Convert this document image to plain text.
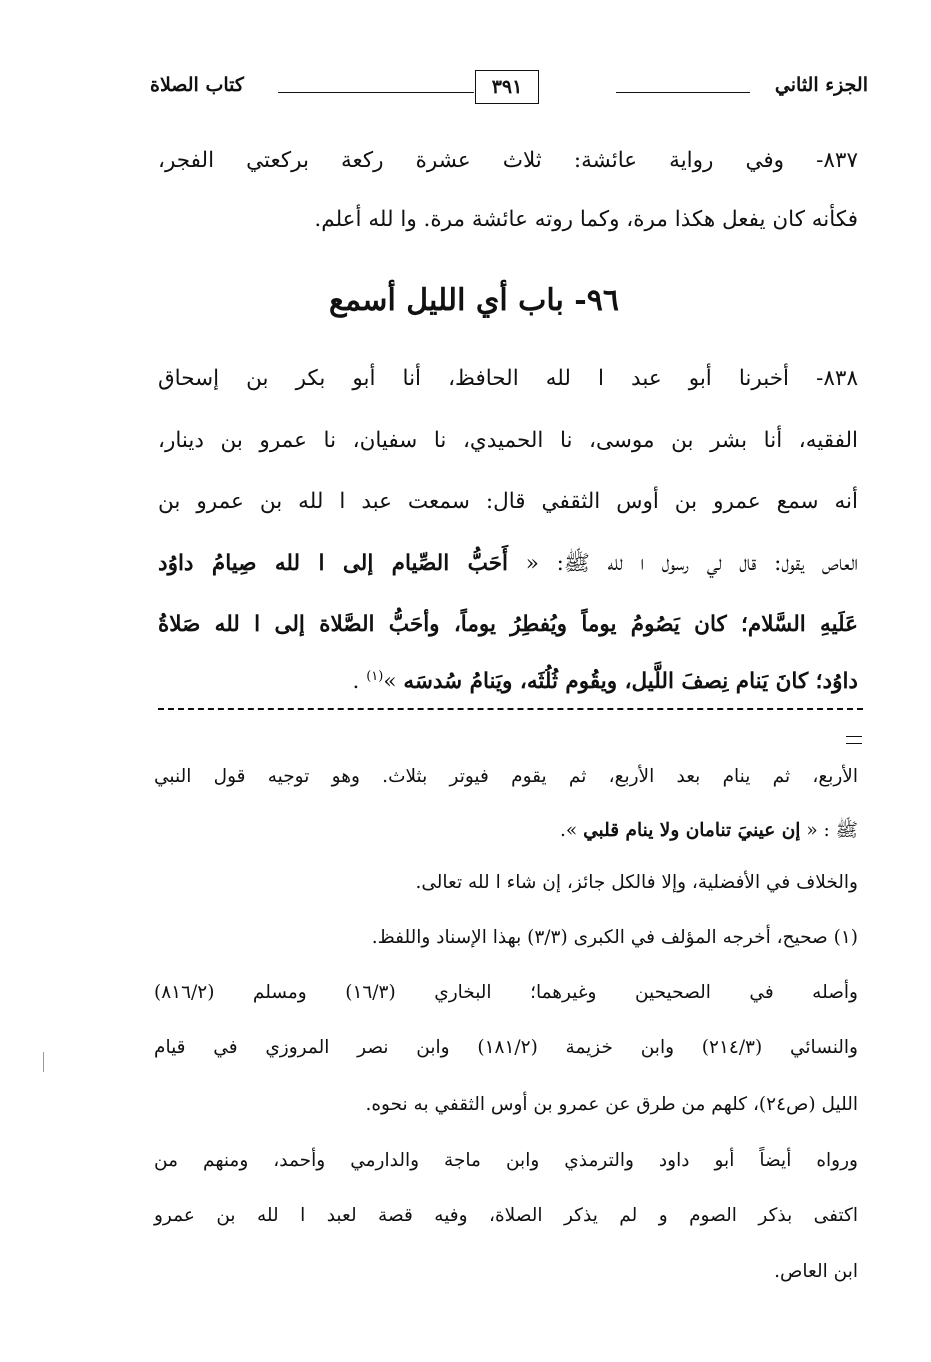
الجزء الثاني
٣٩١
كتاب الصلاة
٨٣٧- وفي رواية عائشة: ثلاث عشرة ركعة بركعتي الفجر،
فكأنه كان يفعل هكذا مرة، وكما روته عائشة مرة. وا لله أعلم.
٩٦- باب أي الليل أسمع
٨٣٨- أخبرنا أبو عبد ا لله الحافظ، أنا أبو بكر بن إسحاق
الفقيه، أنا بشر بن موسى، نا الحميدي، نا سفيان، نا عمرو بن دينار،
أنه سمع عمرو بن أوس الثقفي قال: سمعت عبد ا لله بن عمرو بن
العاص يقول: قال لي رسول ا لله ﷺ: « أَحَبُّ الصِّيام إلى ا لله صِيامُ داوُد
عَلَيهِ السَّلام؛ كان يَصُومُ يوماً ويُفطِرُ يوماً، وأحَبُّ الصَّلاة إلى ا لله صَلاةُ
داوُد؛ كانَ يَنام نِصفَ اللَّيل، ويقُوم ثُلُثَه، ويَنامُ سُدسَه »$^{(١)}$ .
الأربع، ثم ينام بعد الأربع، ثم يقوم فيوتر بثلاث. وهو توجيه قول النبي
ﷺ : « إن عينيَ تنامان ولا ينام قلبي ».
والخلاف في الأفضلية، وإلا فالكل جائز، إن شاء ا لله تعالى.
(١) صحيح، أخرجه المؤلف في الكبرى (٣/٣) بهذا الإسناد واللفظ.
وأصله في الصحيحين وغيرهما؛ البخاري (١٦/٣) ومسلم (٨١٦/٢)
والنسائي (٢١٤/٣) وابن خزيمة (١٨١/٢) وابن نصر المروزي في قيام
الليل (ص٢٤)، كلهم من طرق عن عمرو بن أوس الثقفي به نحوه.
ورواه أيضاً أبو داود والترمذي وابن ماجة والدارمي وأحمد، ومنهم من
اكتفى بذكر الصوم و لم يذكر الصلاة، وفيه قصة لعبد ا لله بن عمرو
ابن العاص.
